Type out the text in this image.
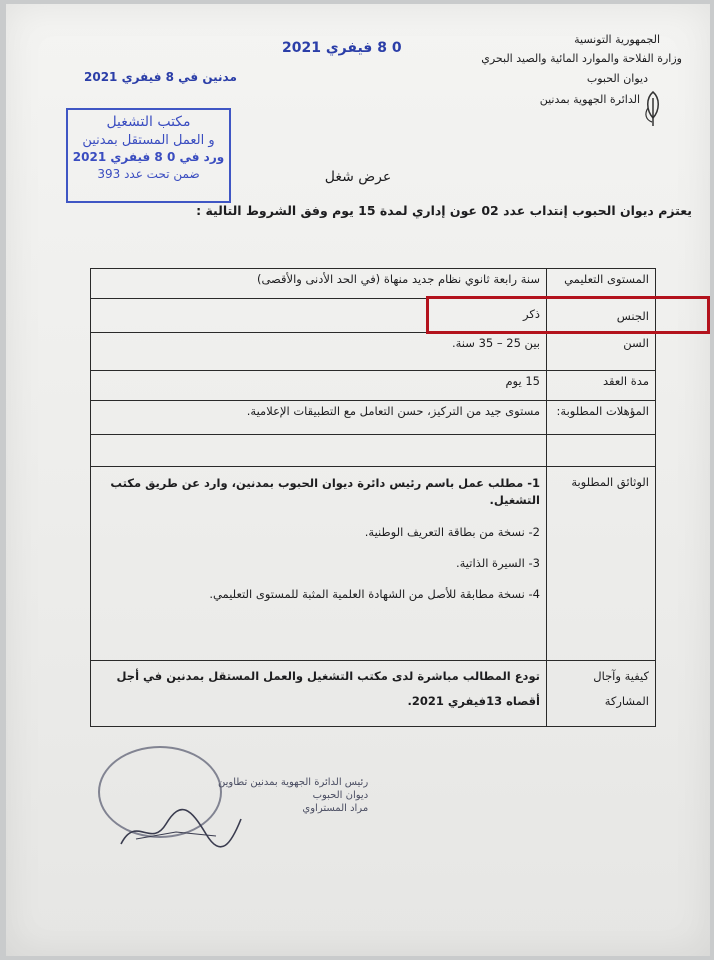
الجمهورية التونسية
وزارة الفلاحة والموارد المائية والصيد البحري
ديوان الحبوب
الدائرة الجهوية بمدنين
0 8 فيفري 2021
مدنين في 8 فيفري 2021
مكتب التشغيل
و العمل المستقل بمدنين
ورد في 0 8 فيفري 2021
ضمن تحت عدد 393	عرض شغل
يعتزم ديوان الحبوب إنتداب عدد 02 عون إداري لمدة 15 يوم وفق الشروط التالية :
المستوى التعليمي	سنة رابعة ثانوي نظام جديد منهاة (في الحد الأدنى والأقصى)
الجنس	ذكر
السن	بين 25 – 35 سنة.
مدة العقد	15 يوم
المؤهلات المطلوبة:	مستوى جيد من التركيز، حسن التعامل مع التطبيقات الإعلامية.

الوثائق المطلوبة	1- مطلب عمل باسم رئيس دائرة ديوان الحبوب بمدنين، وارد عن طريق مكتب التشغيل.

2- نسخة من بطاقة التعريف الوطنية.

3- السيرة الذاتية.

4- نسخة مطابقة للأصل من الشهادة العلمية المثبة للمستوى التعليمي.

كيفية وآجال المشاركة	تودع المطالب مباشرة لدى مكتب التشغيل والعمل المستقل بمدنين في أجل أقصاه 13فيفري 2021.
رئيس الدائرة الجهوية بمدنين تطاوين
ديوان الحبوب
مراد المستراوي
